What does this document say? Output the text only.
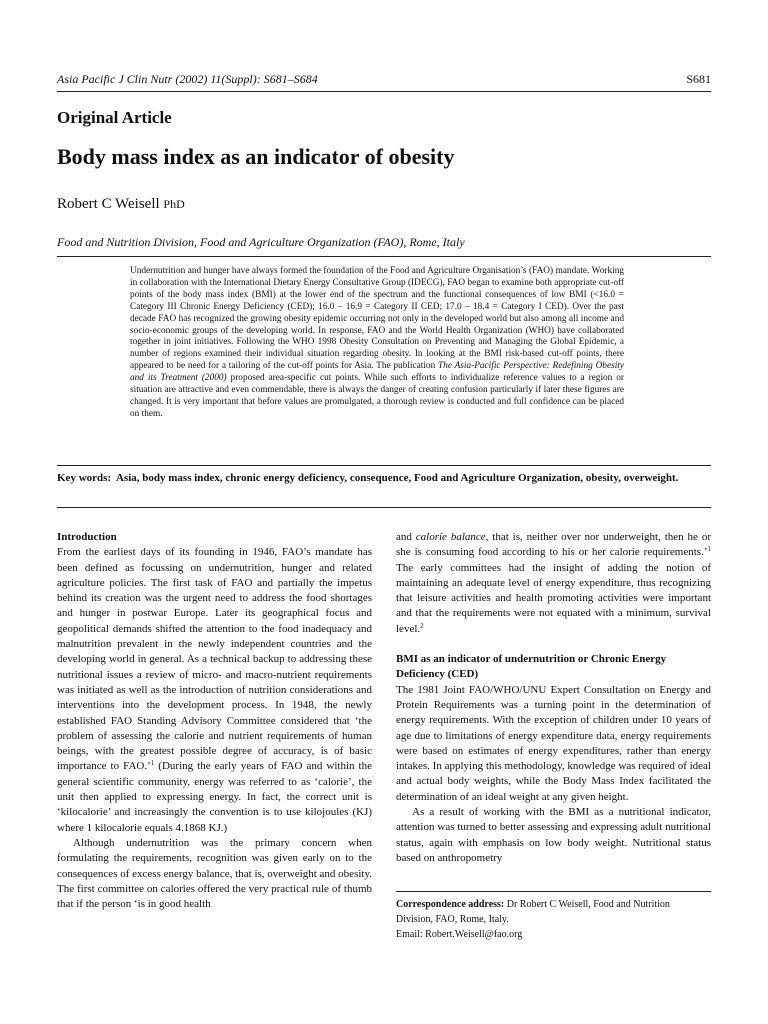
Asia Pacific J Clin Nutr (2002) 11(Suppl): S681–S684	S681
Original Article
Body mass index as an indicator of obesity
Robert C Weisell PhD
Food and Nutrition Division, Food and Agriculture Organization (FAO), Rome, Italy

Undernutrition and hunger have always formed the foundation of the Food and Agriculture Organisation’s (FAO) mandate. Working in collaboration with the International Dietary Energy Consultative Group (IDECG), FAO began to examine both appropriate cut-off points of the body mass index (BMI) at the lower end of the spectrum and the functional consequences of low BMI (<16.0 = Category III Chronic Energy Deficiency (CED); 16.0 – 16.9 = Category II CED; 17.0 – 18.4 = Category I CED). Over the past decade FAO has recognized the growing obesity epidemic occurring not only in the developed world but also among all income and socio-economic groups of the developing world. In response, FAO and the World Health Organization (WHO) have collaborated together in joint initiatives. Following the WHO 1998 Obesity Consultation on Preventing and Managing the Global Epidemic, a number of regions examined their individual situation regarding obesity. In looking at the BMI risk-based cut-off points, there appeared to be need for a tailoring of the cut-off points for Asia. The publication The Asia-Pacific Perspective: Redefining Obesity and its Treatment (2000) proposed area-specific cut points. While such efforts to individualize reference values to a region or situation are attractive and even commendable, there is always the danger of creating confusion particularly if later these figures are changed. It is very important that before values are promulgated, a thorough review is conducted and full confidence can be placed on them.

Key words: Asia, body mass index, chronic energy deficiency, consequence, Food and Agriculture Organization, obesity, overweight.
Introduction

From the earliest days of its founding in 1946, FAO’s mandate has been defined as focussing on undernutrition, hunger and related agriculture policies. The first task of FAO and partially the impetus behind its creation was the urgent need to address the food shortages and hunger in postwar Europe. Later its geographical focus and geopolitical demands shifted the attention to the food inadequacy and malnutrition prevalent in the newly independent countries and the developing world in general. As a technical backup to addressing these nutritional issues a review of micro- and macro-nutrient requirements was initiated as well as the introduction of nutrition considerations and interventions into the development process. In 1948, the newly established FAO Standing Advisory Committee considered that ‘the problem of assessing the calorie and nutrient requirements of human beings, with the greatest possible degree of accuracy, is of basic importance to FAO.’$^1$ (During the early years of FAO and within the general scientific community, energy was referred to as ‘calorie’, the unit then applied to expressing energy. In fact, the correct unit is ‘kilocalorie’ and increasingly the convention is to use kilojoules (KJ) where 1 kilocalorie equals 4.1868 KJ.)

Although undernutrition was the primary concern when formulating the requirements, recognition was given early on to the consequences of excess energy balance, that is, overweight and obesity. The first committee on calories offered the very practical rule of thumb that if the person ‘is in good health

and calorie balance, that is, neither over nor underweight, then he or she is consuming food according to his or her calorie requirements.’$^1$ The early committees had the insight of adding the notion of maintaining an adequate level of energy expenditure, thus recognizing that leisure activities and health promoting activities were important and that the requirements were not equated with a minimum, survival level.$^2$

BMI as an indicator of undernutrition or Chronic Energy Deficiency (CED)

The 1981 Joint FAO/WHO/UNU Expert Consultation on Energy and Protein Requirements was a turning point in the determination of energy requirements. With the exception of children under 10 years of age due to limitations of energy expenditure data, energy requirements were based on estimates of energy expenditures, rather than energy intakes. In applying this methodology, knowledge was required of ideal and actual body weights, while the Body Mass Index facilitated the determination of an ideal weight at any given height.

As a result of working with the BMI as a nutritional indicator, attention was turned to better assessing and expressing adult nutritional status, again with emphasis on low body weight. Nutritional status based on anthropometry

Correspondence address: Dr Robert C Weisell, Food and Nutrition Division, FAO, Rome, Italy.
Email: Robert.Weisell@fao.org
